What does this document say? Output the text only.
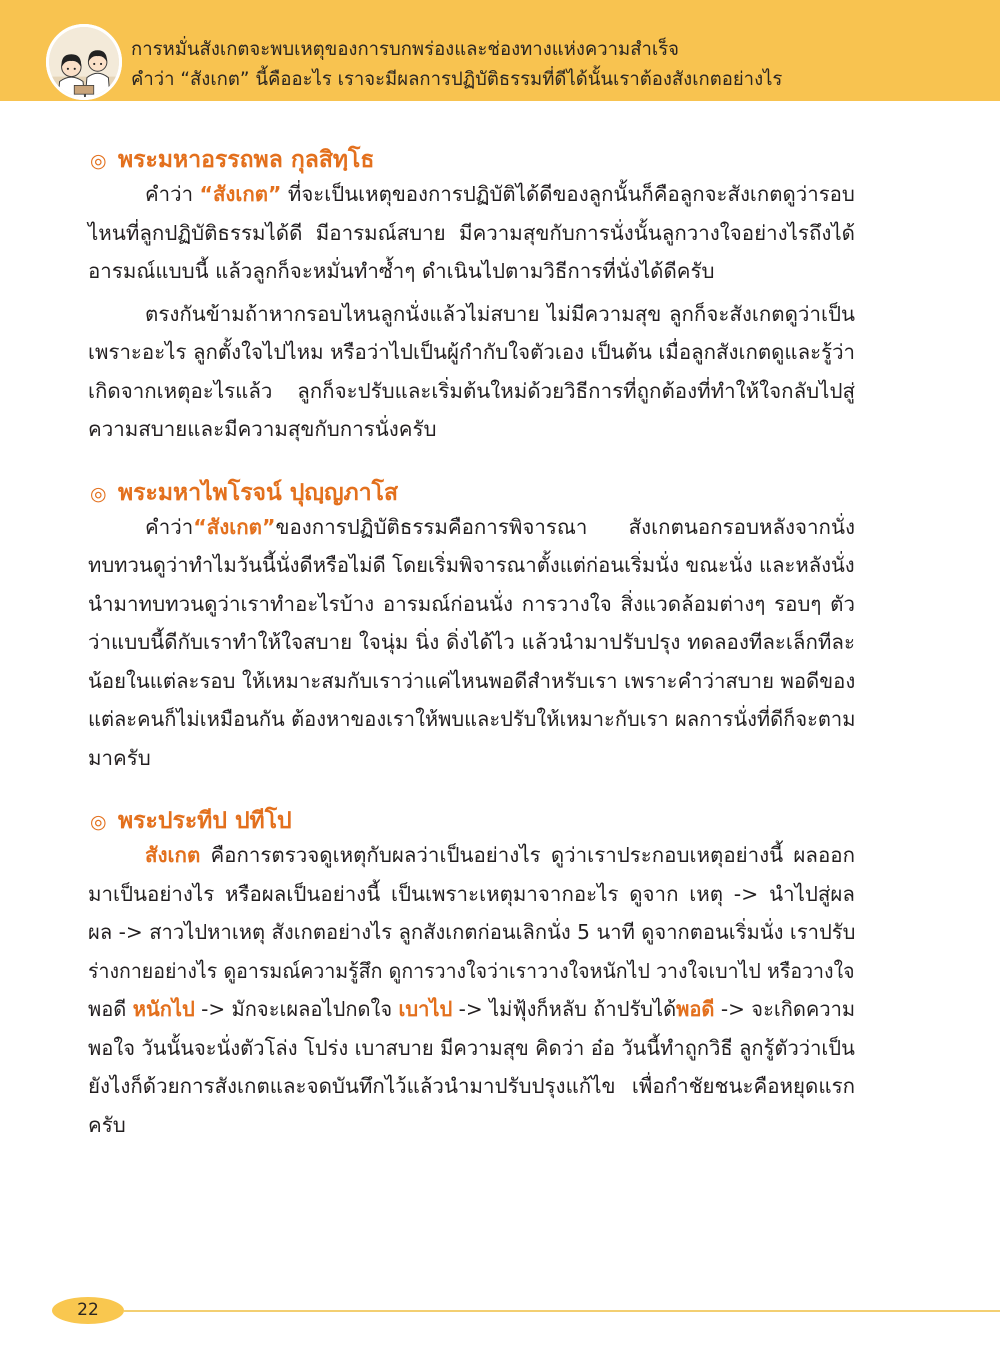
การหมั่นสังเกตจะพบเหตุของการบกพร่องและช่องทางแห่งความสำเร็จ
คำว่า “สังเกต” นี้คืออะไร เราจะมีผลการปฏิบัติธรรมที่ดีได้นั้นเราต้องสังเกตอย่างไร
◎ พระมหาอรรถพล กุลสิทฺโธ
คำว่า “สังเกต” ที่จะเป็นเหตุของการปฏิบัติได้ดีของลูกนั้นก็คือลูกจะสังเกตดูว่ารอบ
ไหนที่ลูกปฏิบัติธรรมได้ดี มีอารมณ์สบาย มีความสุขกับการนั่งนั้นลูกวางใจอย่างไรถึงได้
อารมณ์แบบนี้ แล้วลูกก็จะหมั่นทำซ้ำๆ ดำเนินไปตามวิธีการที่นั่งได้ดีครับ
ตรงกันข้ามถ้าหากรอบไหนลูกนั่งแล้วไม่สบาย ไม่มีความสุข ลูกก็จะสังเกตดูว่าเป็น
เพราะอะไร ลูกตั้งใจไปไหม หรือว่าไปเป็นผู้กำกับใจตัวเอง เป็นต้น เมื่อลูกสังเกตดูและรู้ว่า
เกิดจากเหตุอะไรแล้ว ลูกก็จะปรับและเริ่มต้นใหม่ด้วยวิธีการที่ถูกต้องที่ทำให้ใจกลับไปสู่
ความสบายและมีความสุขกับการนั่งครับ
◎ พระมหาไพโรจน์ ปุญฺญภาโส
คำว่า“สังเกต”ของการปฏิบัติธรรมคือการพิจารณา สังเกตนอกรอบหลังจากนั่ง
ทบทวนดูว่าทำไมวันนี้นั่งดีหรือไม่ดี โดยเริ่มพิจารณาตั้งแต่ก่อนเริ่มนั่ง ขณะนั่ง และหลังนั่ง
นำมาทบทวนดูว่าเราทำอะไรบ้าง อารมณ์ก่อนนั่ง การวางใจ สิ่งแวดล้อมต่างๆ รอบๆ ตัว
ว่าแบบนี้ดีกับเราทำให้ใจสบาย ใจนุ่ม นิ่ง ดิ่งได้ไว แล้วนำมาปรับปรุง ทดลองทีละเล็กทีละ
น้อยในแต่ละรอบ ให้เหมาะสมกับเราว่าแค่ไหนพอดีสำหรับเรา เพราะคำว่าสบาย พอดีของ
แต่ละคนก็ไม่เหมือนกัน ต้องหาของเราให้พบและปรับให้เหมาะกับเรา ผลการนั่งที่ดีก็จะตาม
มาครับ
◎ พระประทีป ปทีโป
สังเกต คือการตรวจดูเหตุกับผลว่าเป็นอย่างไร ดูว่าเราประกอบเหตุอย่างนี้ ผลออก
มาเป็นอย่างไร หรือผลเป็นอย่างนี้ เป็นเพราะเหตุมาจากอะไร ดูจาก เหตุ -> นำไปสู่ผล
ผล -> สาวไปหาเหตุ สังเกตอย่างไร ลูกสังเกตก่อนเลิกนั่ง 5 นาที ดูจากตอนเริ่มนั่ง เราปรับ
ร่างกายอย่างไร ดูอารมณ์ความรู้สึก ดูการวางใจว่าเราวางใจหนักไป วางใจเบาไป หรือวางใจ
พอดี หนักไป -> มักจะเผลอไปกดใจ เบาไป -> ไม่ฟุ้งก็หลับ ถ้าปรับได้พอดี -> จะเกิดความ
พอใจ วันนั้นจะนั่งตัวโล่ง โปร่ง เบาสบาย มีความสุข คิดว่า อ๋อ วันนี้ทำถูกวิธี ลูกรู้ตัวว่าเป็น
ยังไงก็ด้วยการสังเกตและจดบันทึกไว้แล้วนำมาปรับปรุงแก้ไข เพื่อกำชัยชนะคือหยุดแรก
ครับ
22
